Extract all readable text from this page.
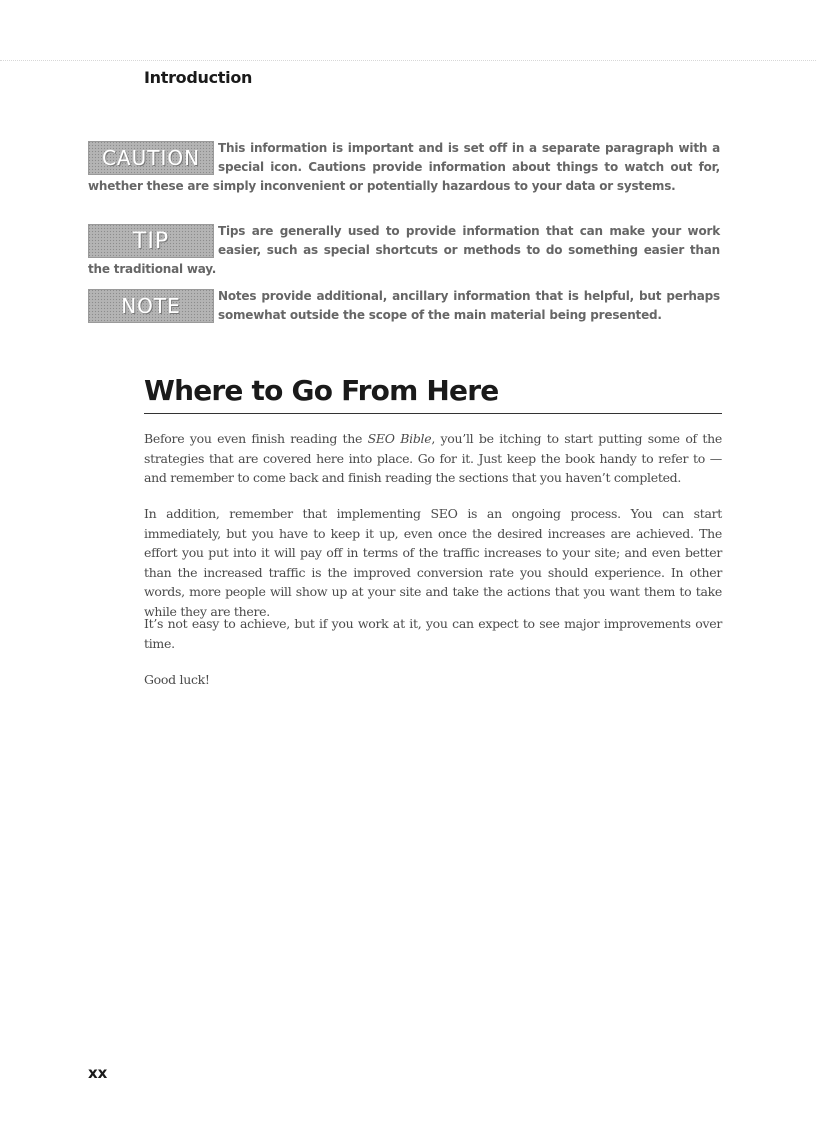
Introduction
CAUTION	This information is important and is set off in a separate paragraph with a special icon. Cautions provide information about things to watch out for, whether these are simply inconvenient or potentially hazardous to your data or systems.
TIP	Tips are generally used to provide information that can make your work easier, such as special shortcuts or methods to do something easier than the traditional way.
NOTE	Notes provide additional, ancillary information that is helpful, but perhaps somewhat outside the scope of the main material being presented.
Where to Go From Here

Before you even finish reading the SEO Bible, you’ll be itching to start putting some of the strategies that are covered here into place. Go for it. Just keep the book handy to refer to — and remember to come back and finish reading the sections that you haven’t completed.

In addition, remember that implementing SEO is an ongoing process. You can start immediately, but you have to keep it up, even once the desired increases are achieved. The effort you put into it will pay off in terms of the traffic increases to your site; and even better than the increased traffic is the improved conversion rate you should experience. In other words, more people will show up at your site and take the actions that you want them to take while they are there.

It’s not easy to achieve, but if you work at it, you can expect to see major improvements over time.

Good luck!

xx
